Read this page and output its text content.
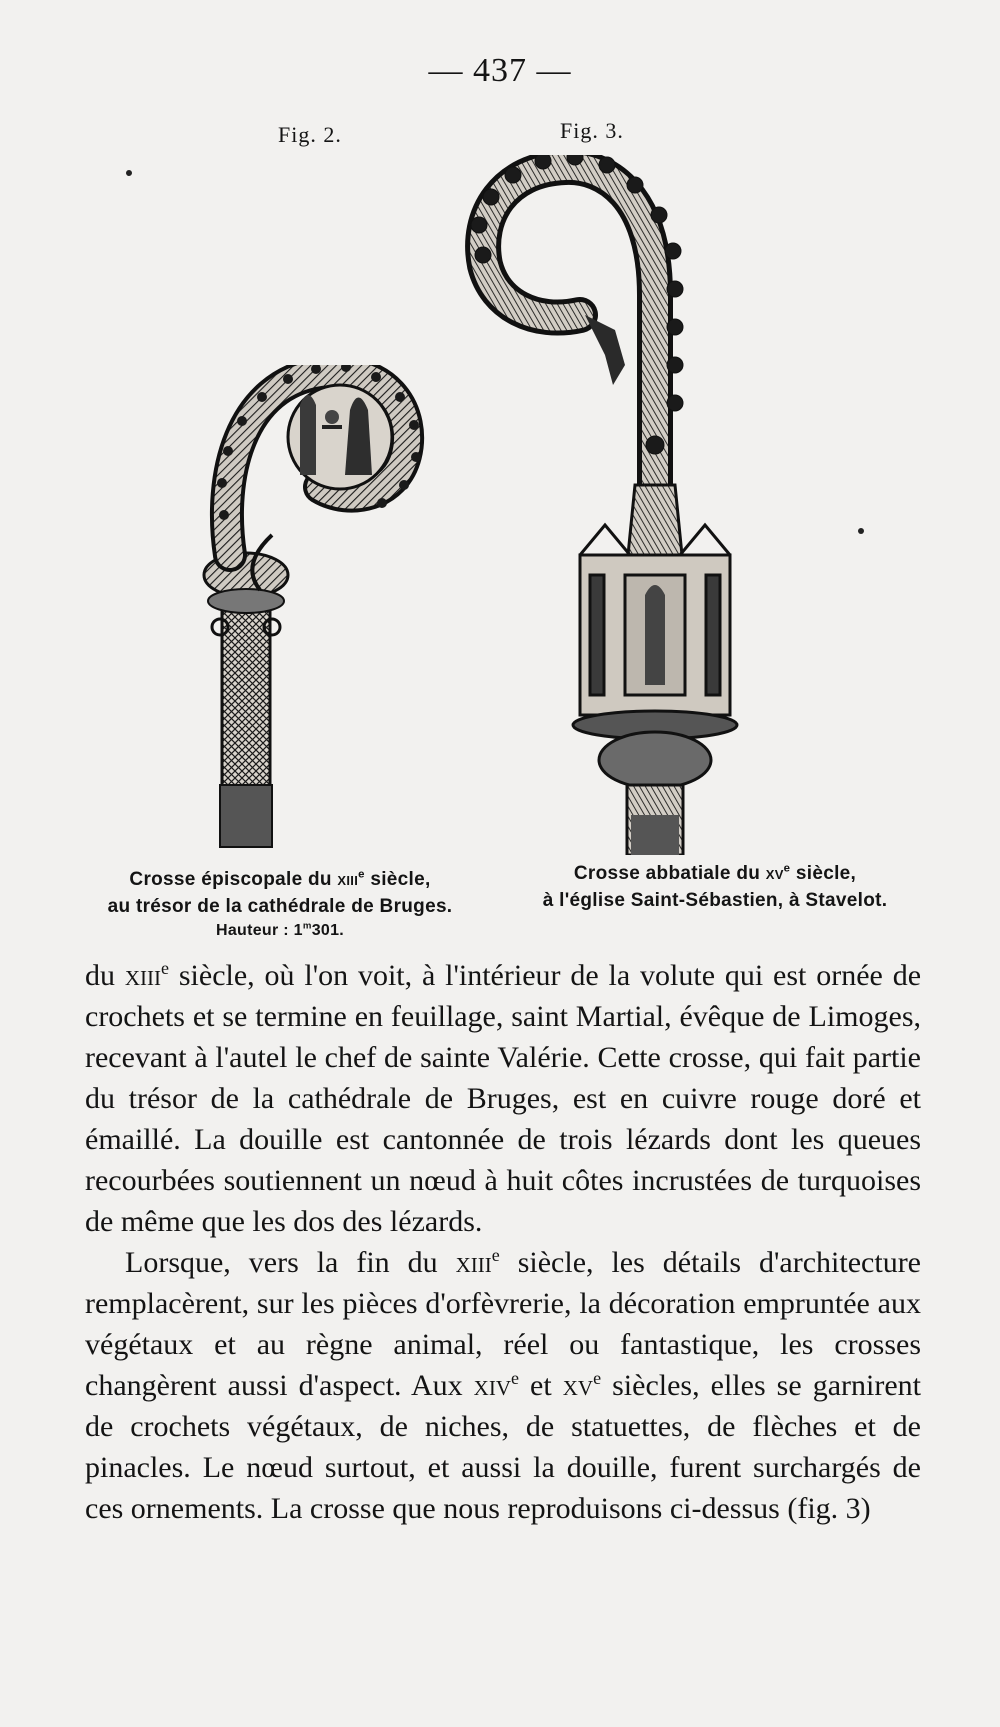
— 437 —
Fig. 2.	Fig. 3.
Crosse épiscopale du xiii$^e$ siècle,
au trésor de la cathédrale de Bruges.
Hauteur : 1$^m$301.
Crosse abbatiale du $xv^e$ siècle,
à l'église Saint-Sébastien, à Stavelot.

du xiii$^e$ siècle, où l'on voit, à l'intérieur de la volute qui est ornée de crochets et se termine en feuillage, saint Martial, évêque de Limoges, recevant à l'autel le chef de sainte Valérie. Cette crosse, qui fait partie du trésor de la cathédrale de Bruges, est en cuivre rouge doré et émaillé. La douille est cantonnée de trois lézards dont les queues recourbées soutiennent un nœud à huit côtes incrustées de turquoises de même que les dos des lézards.

Lorsque, vers la fin du xiii$^e$ siècle, les détails d'architecture remplacèrent, sur les pièces d'orfèvrerie, la décoration empruntée aux végétaux et au règne animal, réel ou fantastique, les crosses changèrent aussi d'aspect. Aux xiv$^e$ et $xv^e$ siècles, elles se garnirent de crochets végétaux, de niches, de statuettes, de flèches et de pinacles. Le nœud surtout, et aussi la douille, furent surchargés de ces ornements. La crosse que nous reproduisons ci-dessus (fig. 3)
